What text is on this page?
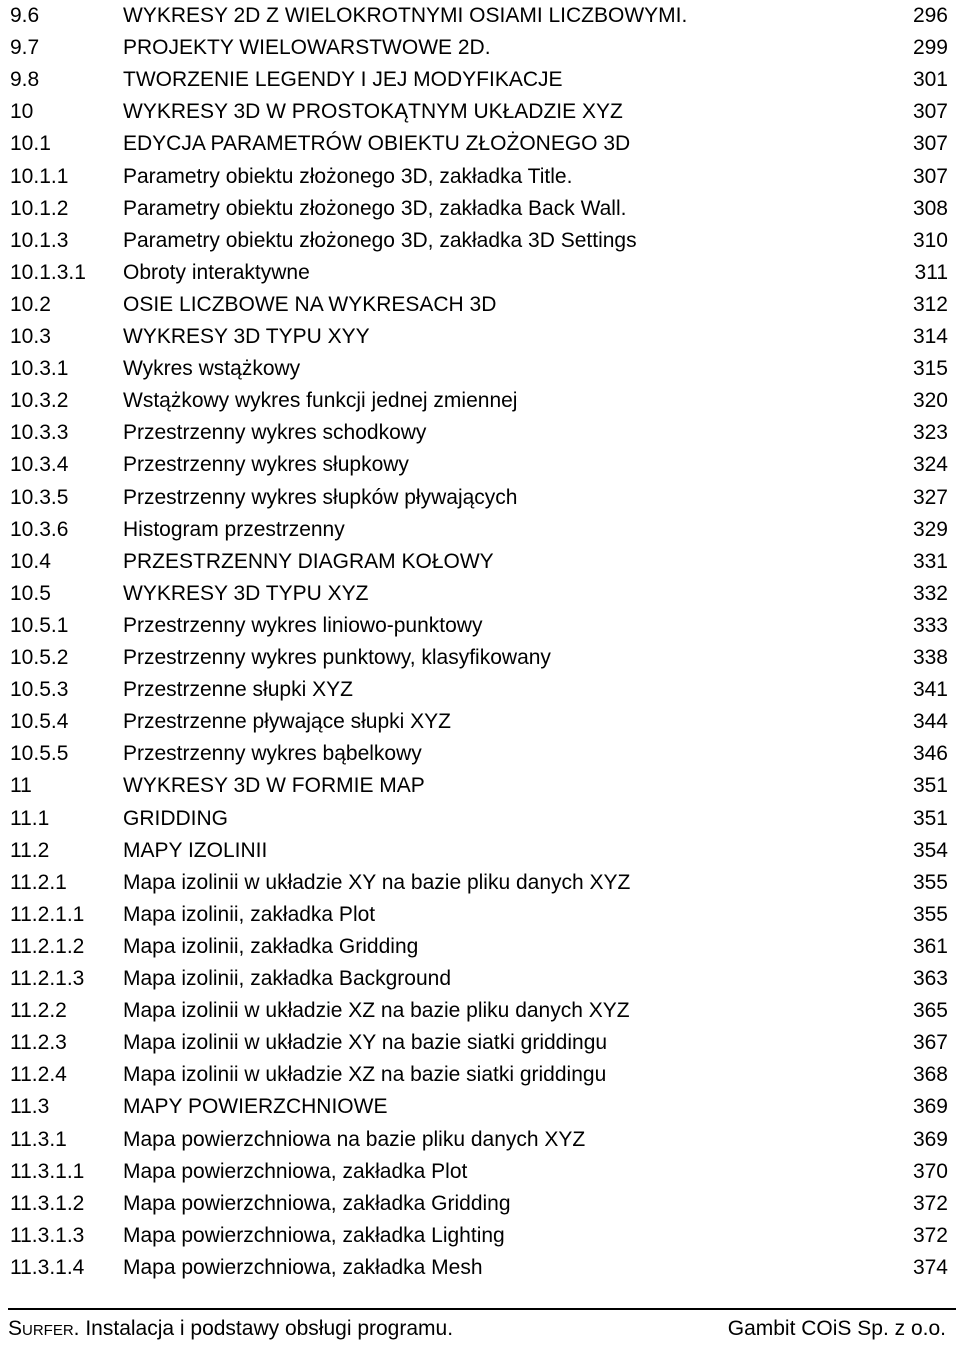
9.6	WYKRESY 2D Z WIELOKROTNYMI OSIAMI LICZBOWYMI.	296
9.7	PROJEKTY WIELOWARSTWOWE 2D.	299
9.8	TWORZENIE LEGENDY I JEJ MODYFIKACJE	301
10	WYKRESY 3D W PROSTOKĄTNYM UKŁADZIE XYZ	307
10.1	EDYCJA PARAMETRÓW OBIEKTU ZŁOŻONEGO 3D	307
10.1.1	Parametry obiektu złożonego 3D, zakładka Title.	307
10.1.2	Parametry obiektu złożonego 3D, zakładka Back Wall.	308
10.1.3	Parametry obiektu złożonego 3D, zakładka 3D Settings	310
10.1.3.1 Obroty interaktywne	311
10.2	OSIE LICZBOWE NA WYKRESACH 3D	312
10.3	WYKRESY 3D TYPU XYY	314
10.3.1	Wykres wstążkowy	315
10.3.2	Wstążkowy wykres funkcji jednej zmiennej	320
10.3.3	Przestrzenny wykres schodkowy	323
10.3.4	Przestrzenny wykres słupkowy	324
10.3.5	Przestrzenny wykres słupków pływających	327
10.3.6	Histogram przestrzenny	329
10.4	PRZESTRZENNY DIAGRAM KOŁOWY	331
10.5	WYKRESY 3D TYPU XYZ	332
10.5.1	Przestrzenny wykres liniowo-punktowy	333
10.5.2	Przestrzenny wykres punktowy, klasyfikowany	338
10.5.3	Przestrzenne słupki XYZ	341
10.5.4	Przestrzenne pływające słupki XYZ	344
10.5.5	Przestrzenny wykres bąbelkowy	346
11	WYKRESY 3D W FORMIE MAP	351
11.1	GRIDDING	351
11.2	MAPY IZOLINII	354
11.2.1	Mapa izolinii w układzie XY na bazie pliku danych XYZ	355
11.2.1.1 Mapa izolinii, zakładka Plot	355
11.2.1.2 Mapa izolinii, zakładka Gridding	361
11.2.1.3 Mapa izolinii, zakładka Background	363
11.2.2	Mapa izolinii w układzie XZ na bazie pliku danych XYZ	365
11.2.3	Mapa izolinii w układzie XY na bazie siatki griddingu	367
11.2.4	Mapa izolinii w układzie XZ na bazie siatki griddingu	368
11.3	MAPY POWIERZCHNIOWE	369
11.3.1	Mapa powierzchniowa na bazie pliku danych XYZ	369
11.3.1.1 Mapa powierzchniowa, zakładka Plot	370
11.3.1.2 Mapa powierzchniowa, zakładka Gridding	372
11.3.1.3 Mapa powierzchniowa, zakładka Lighting	372
11.3.1.4 Mapa powierzchniowa, zakładka Mesh	374
Surfer. Instalacja i podstawy obsługi programu.	Gambit COiS Sp. z o.o.
